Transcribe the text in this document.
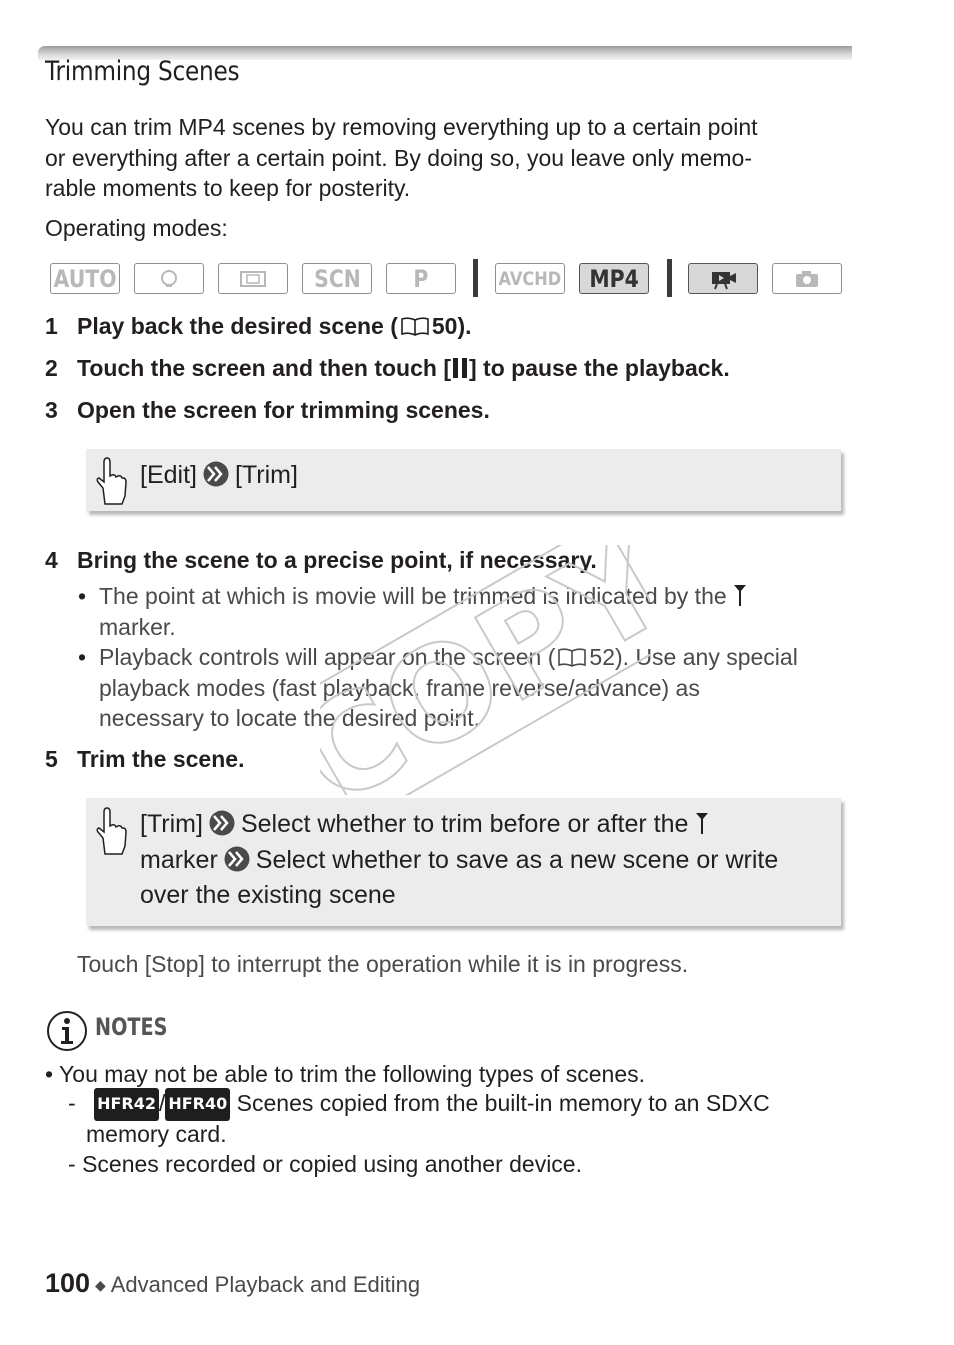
Trimming Scenes
You can trim MP4 scenes by removing everything up to a certain point
or everything after a certain point. By doing so, you leave only memo-
rable moments to keep for posterity.
Operating modes:
AUTO	SCN P	AVCHD MP4
1 Play back the desired scene ( 50).
2 Touch the screen and then touch [ ] to pause the playback.
3 Open the screen for trimming scenes.
[Edit] [Trim]
4 Bring the scene to a precise point, if necessary.
• The point at which is movie will be trimmed is indicated by the
marker.
• Playback controls will appear on the screen ( 52). Use any special
playback modes (fast playback, frame reverse/advance) as
necessary to locate the desired point.
5 Trim the scene.
[Trim] Select whether to trim before or after the
marker Select whether to save as a new scene or write
over the existing scene
Touch [Stop] to interrupt the operation while it is in progress.
NOTES
• You may not be able to trim the following types of scenes.
- HFR42 / HFR40 Scenes copied from the built-in memory to an SDXC
memory card.
- Scenes recorded or copied using another device.
100 ◆ Advanced Playback and Editing
